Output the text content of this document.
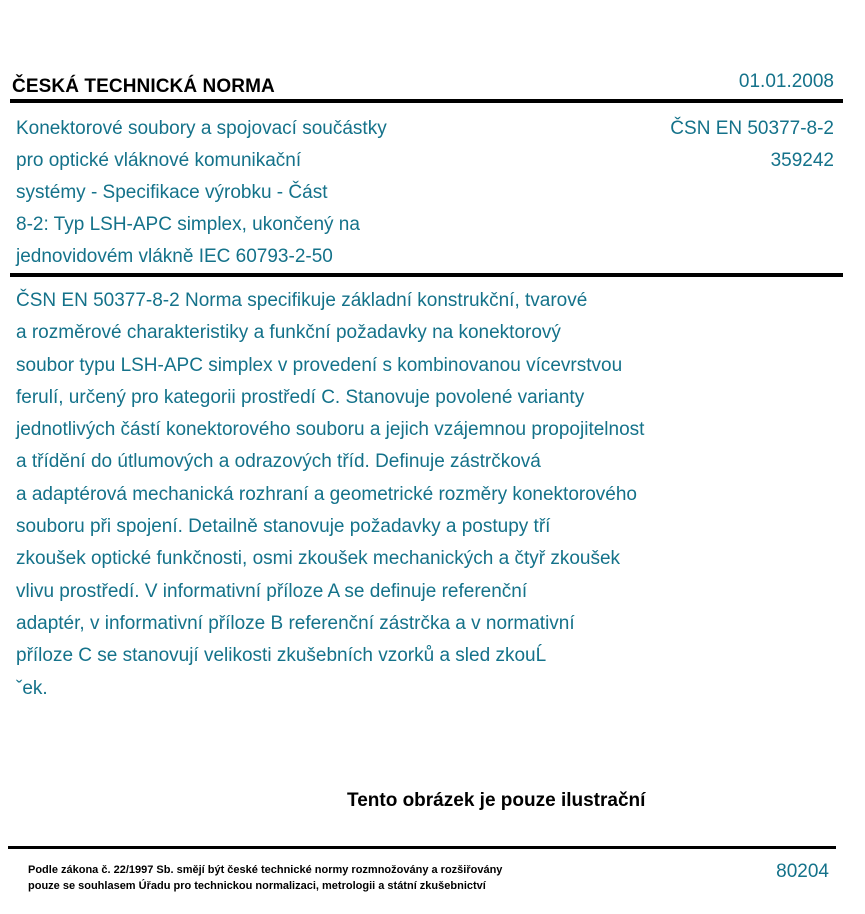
ČESKÁ TECHNICKÁ NORMA	01.01.2008
Konektorové soubory a spojovací součástky
pro optické vláknové komunikační
systémy - Specifikace výrobku - Část
8-2: Typ LSH-APC simplex, ukončený na
jednovidovém vlákně IEC 60793-2-50
ČSN EN 50377-8-2
359242
ČSN EN 50377-8-2 Norma specifikuje základní konstrukční, tvarové
a rozměrové charakteristiky a funkční požadavky na konektorový
soubor typu LSH-APC simplex v provedení s kombinovanou vícevrstvou
ferulí, určený pro kategorii prostředí C. Stanovuje povolené varianty
jednotlivých částí konektorového souboru a jejich vzájemnou propojitelnost
a třídění do útlumových a odrazových tříd. Definuje zástrčková
a adaptérová mechanická rozhraní a geometrické rozměry konektorového
souboru při spojení. Detailně stanovuje požadavky a postupy tří
zkoušek optické funkčnosti, osmi zkoušek mechanických a čtyř zkoušek
vlivu prostředí. V informativní příloze A se definuje referenční
adaptér, v informativní příloze B referenční zástrčka a v normativní
příloze C se stanovují velikosti zkušebních vzorků a sled zkouĹ
ˇek.
Tento obrázek je pouze ilustrační
Podle zákona č. 22/1997 Sb. smějí být české technické normy rozmnožovány a rozšiřovány
pouze se souhlasem Úřadu pro technickou normalizaci, metrologii a státní zkušebnictví
80204
